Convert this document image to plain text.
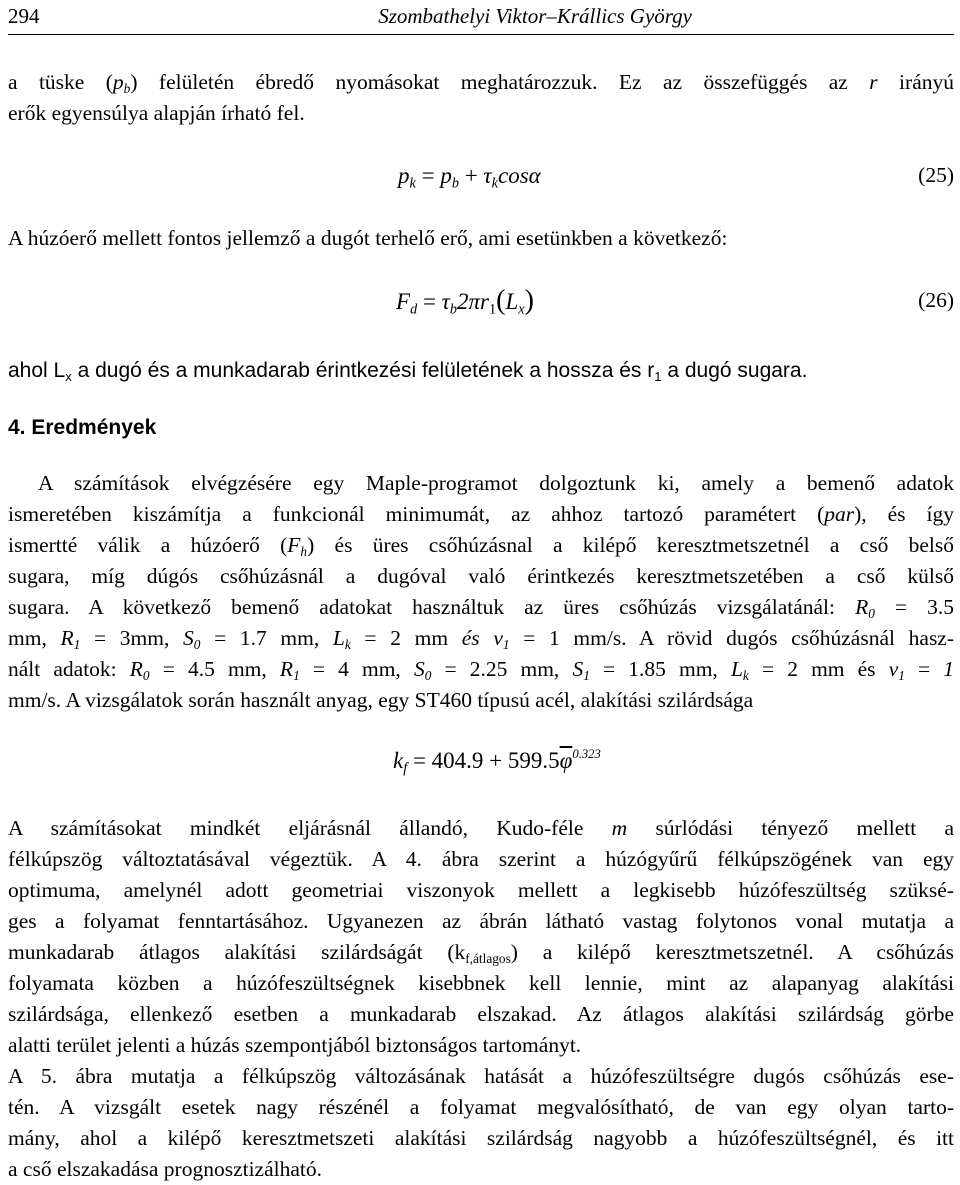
294	Szombathelyi Viktor–Krállics György

a tüske $(p_b)$ felületén ébredő nyomásokat meghatározzuk. Ez az összefüggés az r irányú

erők egyensúlya alapján írható fel.

$p_k = p_b + \tau_k\cos\alpha$	(25)

A húzóerő mellett fontos jellemző a dugót terhelő erő, ami esetünkben a következő:

$F_d = \tau_b2\pi r_1(L_x)$	(26)
ahol $L_x$ a dugó és a munkadarab érintkezési felületének a hossza és $r_1$ a dugó sugara.
4. Eredmények

A számítások elvégzésére egy Maple-programot dolgoztunk ki, amely a bemenő adatok

ismeretében kiszámítja a funkcionál minimumát, az ahhoz tartozó paramétert (par), és így

ismertté válik a húzóerő $(F_h)$ és üres csőhúzásnal a kilépő keresztmetszetnél a cső belső

sugara, míg dúgós csőhúzásnál a dugóval való érintkezés keresztmetszetében a cső külső

sugara. A következő bemenő adatokat használtuk az üres csőhúzás vizsgálatánál: $R_0 = 3.5$

mm, $R_1 = 3mm$, $S_0 = 1.7$ mm, $L_k = 2$ mm és $v_1 = 1$ mm/s. A rövid dugós csőhúzásnál hasz-

nált adatok: $R_0 = 4.5$ mm, $R_1 = 4$ mm, $S_0 = 2.25$ mm, $S_1 = 1.85$ mm, $L_k = 2$ mm és $v_1 = 1$

mm/s. A vizsgálatok során használt anyag, egy ST460 típusú acél, alakítási szilárdsága

$k_f = 404.9 + 599.5\overline{\varphi}^{0.323}$

A számításokat mindkét eljárásnál állandó, Kudo-féle m súrlódási tényező mellett a

félkúpszög változtatásával végeztük. A 4. ábra szerint a húzógyűrű félkúpszögének van egy

optimuma, amelynél adott geometriai viszonyok mellett a legkisebb húzófeszültség szüksé-

ges a folyamat fenntartásához. Ugyanezen az ábrán látható vastag folytonos vonal mutatja a

munkadarab átlagos alakítási szilárdságát $(k_{f,átlagos})$ a kilépő keresztmetszetnél. A csőhúzás

folyamata közben a húzófeszültségnek kisebbnek kell lennie, mint az alapanyag alakítási

szilárdsága, ellenkező esetben a munkadarab elszakad. Az átlagos alakítási szilárdság görbe

alatti terület jelenti a húzás szempontjából biztonságos tartományt.

A 5. ábra mutatja a félkúpszög változásának hatását a húzófeszültségre dugós csőhúzás ese-

tén. A vizsgált esetek nagy részénél a folyamat megvalósítható, de van egy olyan tarto-

mány, ahol a kilépő keresztmetszeti alakítási szilárdság nagyobb a húzófeszültségnél, és itt

a cső elszakadása prognosztizálható.
